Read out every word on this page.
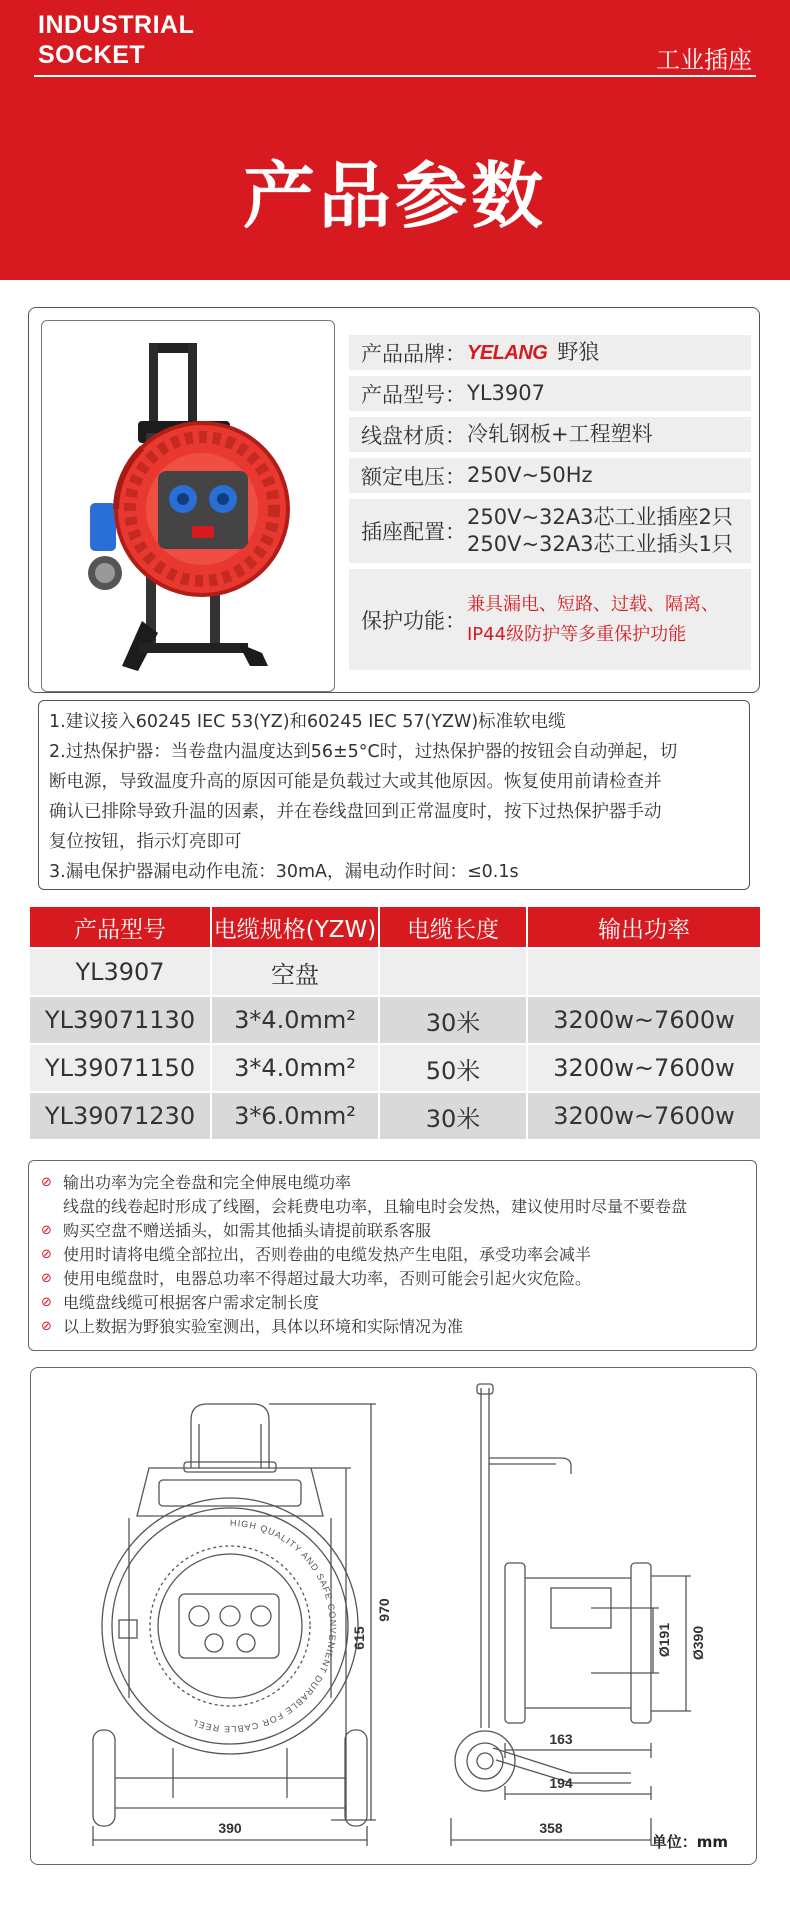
INDUSTRIAL
SOCKET	工业插座
产品参数
产品品牌： YELANG 野狼
产品型号： YL3907
线盘材质： 冷轧钢板+工程塑料
额定电压： 250V~50Hz
插座配置：
250V~32A3芯工业插座2只
250V~32A3芯工业插头1只
保护功能：
兼具漏电、短路、过载、隔离、
IP44级防护等多重保护功能

1.建议接入60245 IEC 53(YZ)和60245 IEC 57(YZW)标准软电缆

2.过热保护器：当卷盘内温度达到56±5°C时，过热保护器的按钮会自动弹起，切

断电源，导致温度升高的原因可能是负载过大或其他原因。恢复使用前请检查并

确认已排除导致升温的因素，并在卷线盘回到正常温度时，按下过热保护器手动

复位按钮，指示灯亮即可

3.漏电保护器漏电动作电流：30mA，漏电动作时间：≤0.1s

产品型号	电缆规格(YZW)	电缆长度	输出功率
YL3907	空盘		
YL39071130	3*4.0mm²	30米	3200w~7600w
YL39071150	3*4.0mm²	50米	3200w~7600w
YL39071230	3*6.0mm²	30米	3200w~7600w
⊘ 输出功率为完全卷盘和完全伸展电缆功率
线盘的线卷起时形成了线圈，会耗费电功率，且输电时会发热，建议使用时尽量不要卷盘
⊘ 购买空盘不赠送插头，如需其他插头请提前联系客服
⊘ 使用时请将电缆全部拉出，否则卷曲的电缆发热产生电阻，承受功率会减半
⊘ 使用电缆盘时，电器总功率不得超过最大功率，否则可能会引起火灾危险。
⊘ 电缆盘线缆可根据客户需求定制长度
⊘ 以上数据为野狼实验室测出，具体以环境和实际情况为准
HIGH QUALITY AND SAFE CONVENIENT DURABLE FOR CABLE REEL
970
615
390	358
163
194
Ø191 Ø390
单位：mm
